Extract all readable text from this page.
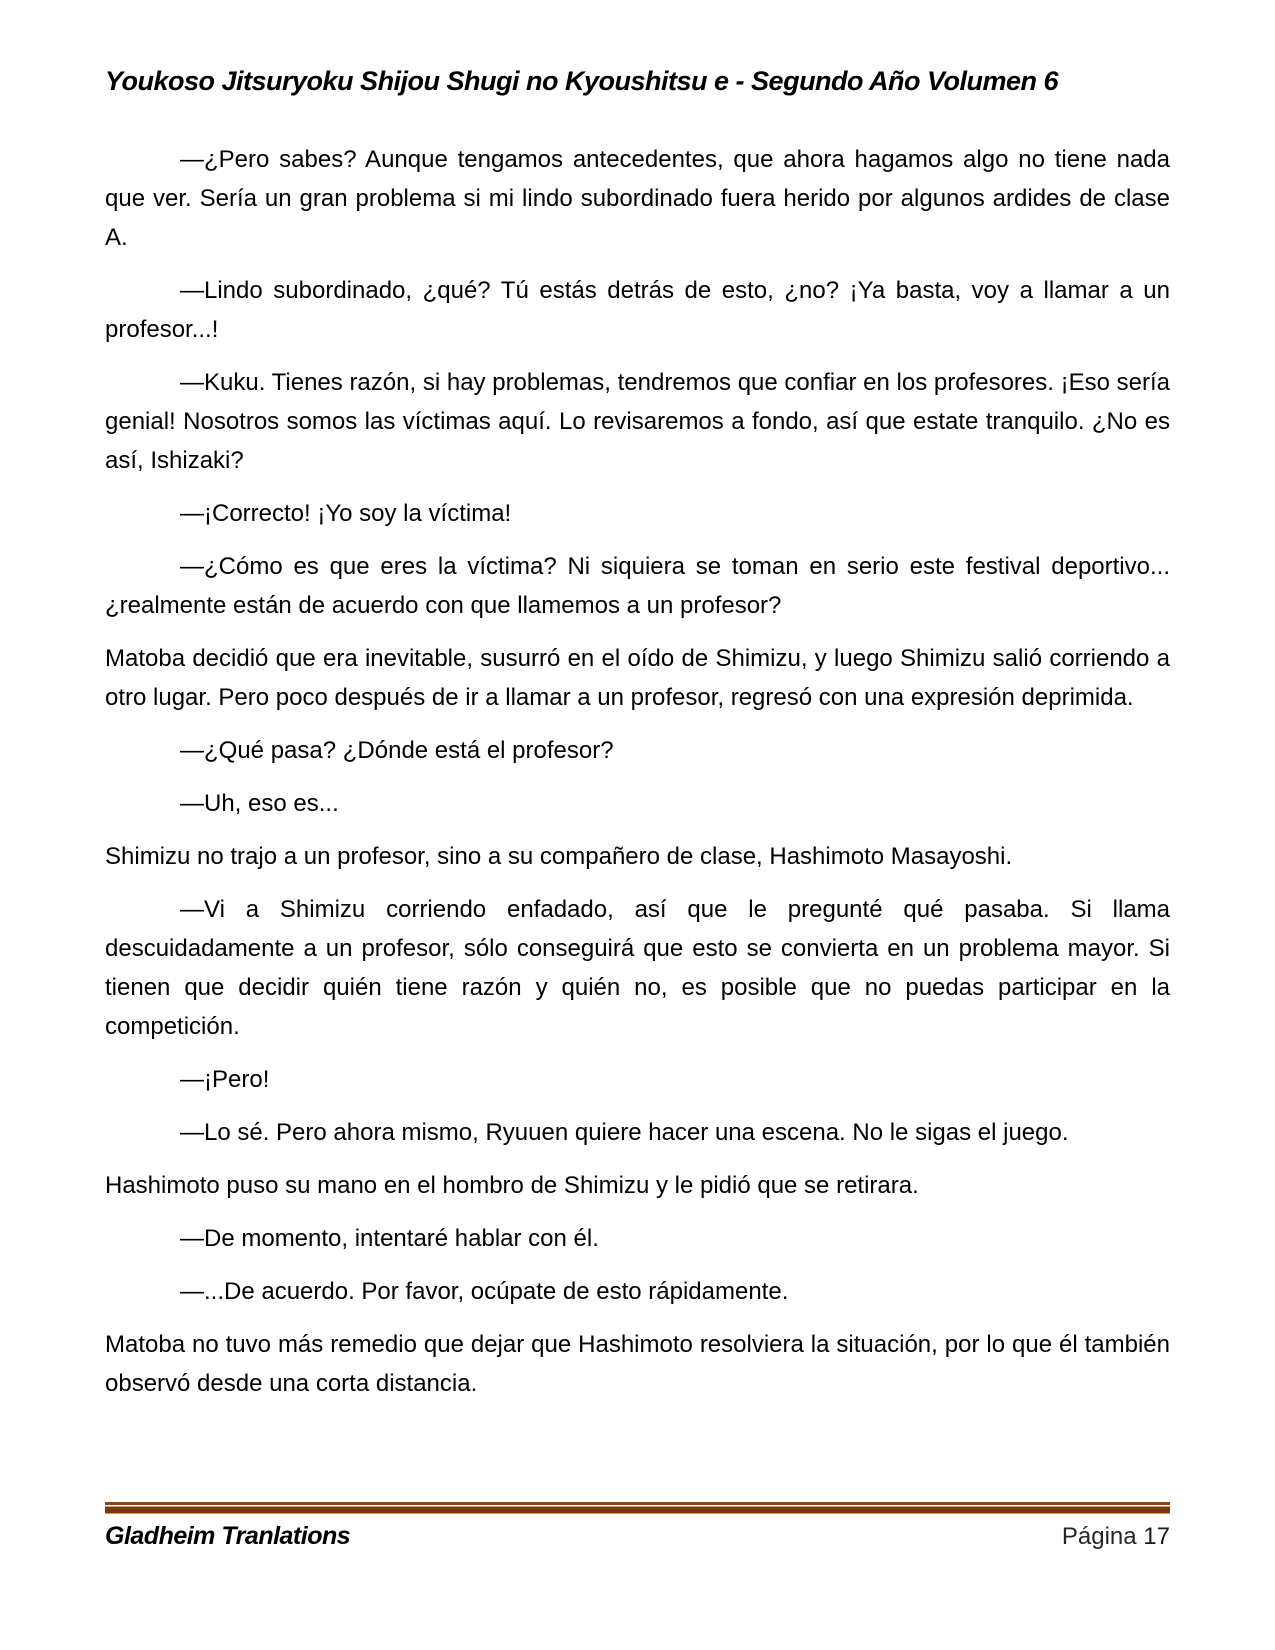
Youkoso Jitsuryoku Shijou Shugi no Kyoushitsu e - Segundo Año Volumen 6

—¿Pero sabes? Aunque tengamos antecedentes, que ahora hagamos algo no tiene nada que ver. Sería un gran problema si mi lindo subordinado fuera herido por algunos ardides de clase A.

—Lindo subordinado, ¿qué? Tú estás detrás de esto, ¿no? ¡Ya basta, voy a llamar a un profesor...!

—Kuku. Tienes razón, si hay problemas, tendremos que confiar en los profesores. ¡Eso sería genial! Nosotros somos las víctimas aquí. Lo revisaremos a fondo, así que estate tranquilo. ¿No es así, Ishizaki?

—¡Correcto! ¡Yo soy la víctima!

—¿Cómo es que eres la víctima? Ni siquiera se toman en serio este festival deportivo... ¿realmente están de acuerdo con que llamemos a un profesor?

Matoba decidió que era inevitable, susurró en el oído de Shimizu, y luego Shimizu salió corriendo a otro lugar. Pero poco después de ir a llamar a un profesor, regresó con una expresión deprimida.

—¿Qué pasa? ¿Dónde está el profesor?

—Uh, eso es...

Shimizu no trajo a un profesor, sino a su compañero de clase, Hashimoto Masayoshi.

—Vi a Shimizu corriendo enfadado, así que le pregunté qué pasaba. Si llama descuidadamente a un profesor, sólo conseguirá que esto se convierta en un problema mayor. Si tienen que decidir quién tiene razón y quién no, es posible que no puedas participar en la competición.

—¡Pero!

—Lo sé. Pero ahora mismo, Ryuuen quiere hacer una escena. No le sigas el juego.

Hashimoto puso su mano en el hombro de Shimizu y le pidió que se retirara.

—De momento, intentaré hablar con él.

—...De acuerdo. Por favor, ocúpate de esto rápidamente.

Matoba no tuvo más remedio que dejar que Hashimoto resolviera la situación, por lo que él también observó desde una corta distancia.

Gladheim Tranlations	Página 17
